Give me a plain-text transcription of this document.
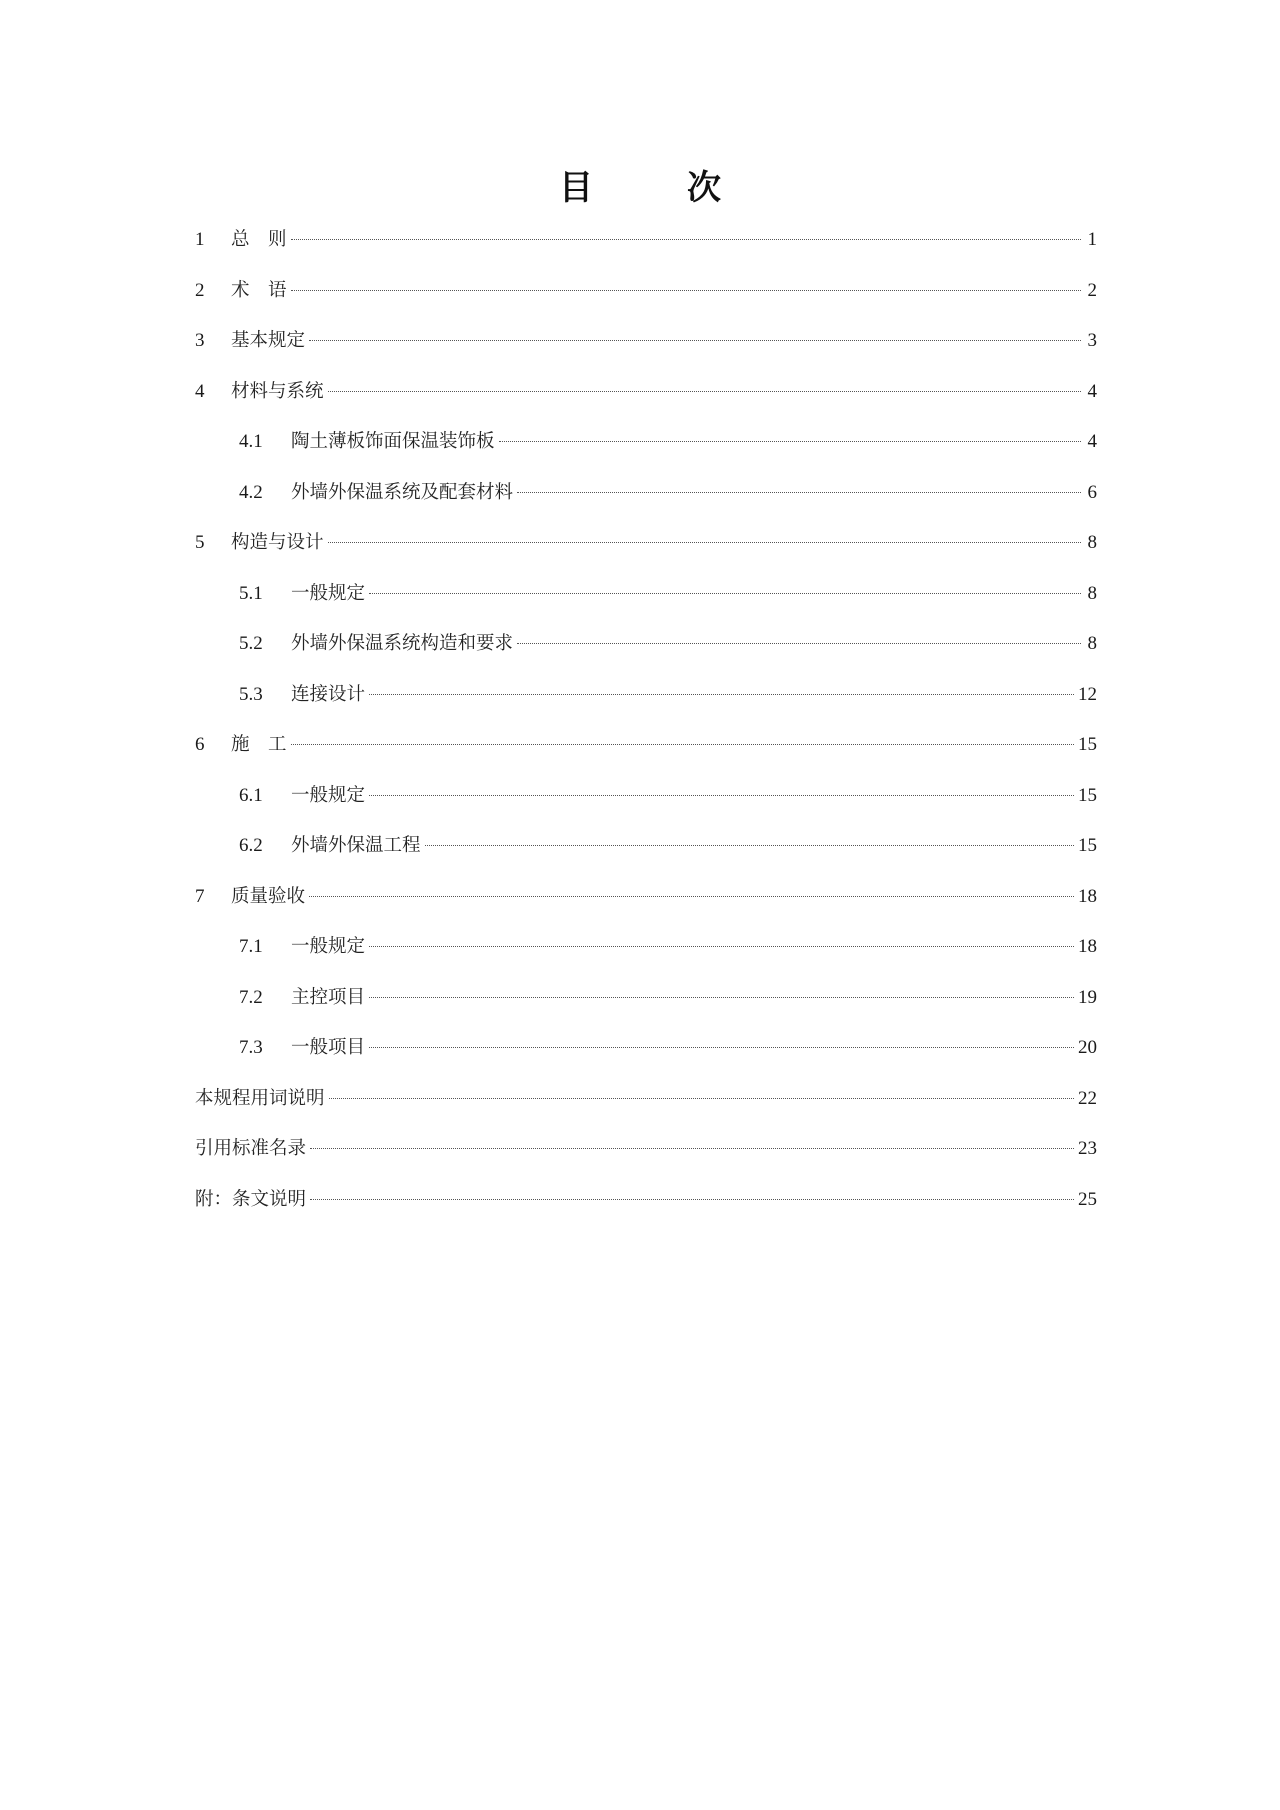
目　次
1	总　则	1
2	术　语	2
3	基本规定	3
4	材料与系统	4
4.1	陶土薄板饰面保温装饰板	4
4.2	外墙外保温系统及配套材料	6
5	构造与设计	8
5.1	一般规定	8
5.2	外墙外保温系统构造和要求	8
5.3	连接设计	12
6	施　工	15
6.1	一般规定	15
6.2	外墙外保温工程	15
7	质量验收	18
7.1	一般规定	18
7.2	主控项目	19
7.3	一般项目	20
本规程用词说明	22
引用标准名录	23
附：条文说明	25
